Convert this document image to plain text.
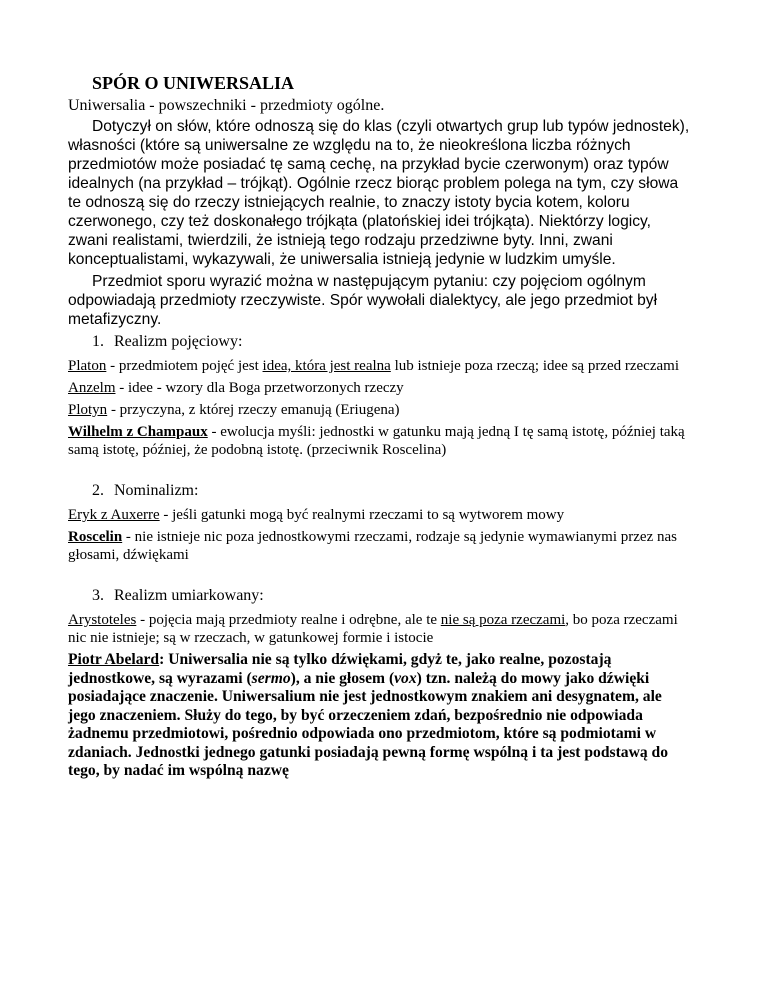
SPÓR O UNIWERSALIA

Uniwersalia - powszechniki - przedmioty ogólne.

Dotyczył on słów, które odnoszą się do klas (czyli otwartych grup lub typów jednostek), własności (które są uniwersalne ze względu na to, że nieokreślona liczba różnych przedmiotów może posiadać tę samą cechę, na przykład bycie czerwonym) oraz typów idealnych (na przykład – trójkąt). Ogólnie rzecz biorąc problem polega na tym, czy słowa te odnoszą się do rzeczy istniejących realnie, to znaczy istoty bycia kotem, koloru czerwonego, czy też doskonałego trójkąta (platońskiej idei trójkąta). Niektórzy logicy, zwani realistami, twierdzili, że istnieją tego rodzaju przedziwne byty. Inni, zwani konceptualistami, wykazywali, że uniwersalia istnieją jedynie w ludzkim umyśle.

Przedmiot sporu wyrazić można w następującym pytaniu: czy pojęciom ogólnym odpowiadają przedmioty rzeczywiste. Spór wywołali dialektycy, ale jego przedmiot był metafizyczny.

1. Realizm pojęciowy:

Platon - przedmiotem pojęć jest idea, która jest realna lub istnieje poza rzeczą; idee są przed rzeczami

Anzelm - idee - wzory dla Boga przetworzonych rzeczy

Plotyn - przyczyna, z której rzeczy emanują (Eriugena)

Wilhelm z Champaux - ewolucja myśli: jednostki w gatunku mają jedną I tę samą istotę, później taką samą istotę, później, że podobną istotę. (przeciwnik Roscelina)

2. Nominalizm:

Eryk z Auxerre - jeśli gatunki mogą być realnymi rzeczami to są wytworem mowy

Roscelin - nie istnieje nic poza jednostkowymi rzeczami, rodzaje są jedynie wymawianymi przez nas głosami, dźwiękami

3. Realizm umiarkowany:

Arystoteles - pojęcia mają przedmioty realne i odrębne, ale te nie są poza rzeczami, bo poza rzeczami nic nie istnieje; są w rzeczach, w gatunkowej formie i istocie

Piotr Abelard: Uniwersalia nie są tylko dźwiękami, gdyż te, jako realne, pozostają jednostkowe, są wyrazami (sermo), a nie głosem (vox) tzn. należą do mowy jako dźwięki posiadające znaczenie. Uniwersalium nie jest jednostkowym znakiem ani desygnatem, ale jego znaczeniem. Służy do tego, by być orzeczeniem zdań, bezpośrednio nie odpowiada żadnemu przedmiotowi, pośrednio odpowiada ono przedmiotom, które są podmiotami w zdaniach. Jednostki jednego gatunki posiadają pewną formę wspólną i ta jest podstawą do tego, by nadać im wspólną nazwę
